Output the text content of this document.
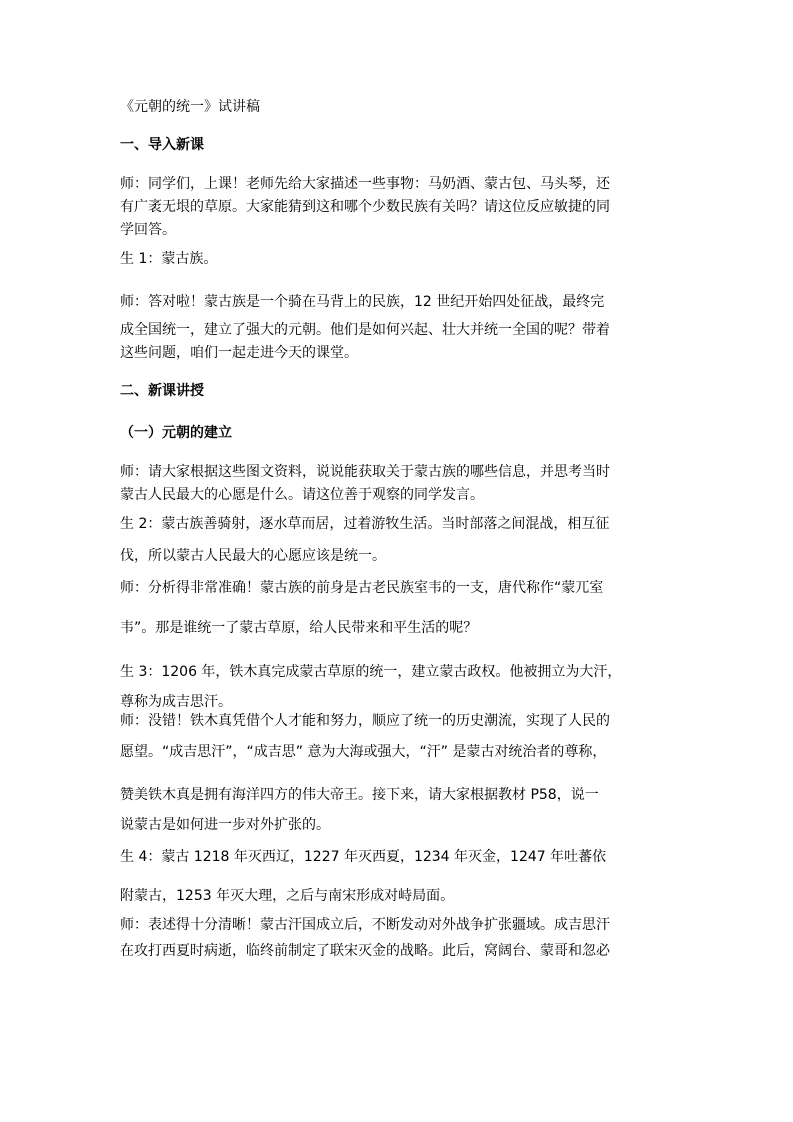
《元朝的统一》试讲稿
一、导入新课
师：同学们，上课！老师先给大家描述一些事物：马奶酒、蒙古包、马头琴，还
有广袤无垠的草原。大家能猜到这和哪个少数民族有关吗？请这位反应敏捷的同
学回答。
生 1：蒙古族。
师：答对啦！蒙古族是一个骑在马背上的民族，12 世纪开始四处征战，最终完
成全国统一，建立了强大的元朝。他们是如何兴起、壮大并统一全国的呢？带着
这些问题，咱们一起走进今天的课堂。
二、新课讲授
（一）元朝的建立
师：请大家根据这些图文资料，说说能获取关于蒙古族的哪些信息，并思考当时
蒙古人民最大的心愿是什么。请这位善于观察的同学发言。
生 2：蒙古族善骑射，逐水草而居，过着游牧生活。当时部落之间混战，相互征
伐，所以蒙古人民最大的心愿应该是统一。
师：分析得非常准确！蒙古族的前身是古老民族室韦的一支，唐代称作“蒙兀室
韦”。那是谁统一了蒙古草原，给人民带来和平生活的呢？
生 3：1206 年，铁木真完成蒙古草原的统一，建立蒙古政权。他被拥立为大汗，
尊称为成吉思汗。
师：没错！铁木真凭借个人才能和努力，顺应了统一的历史潮流，实现了人民的
愿望。“成吉思汗”，“成吉思” 意为大海或强大，“汗” 是蒙古对统治者的尊称，
赞美铁木真是拥有海洋四方的伟大帝王。接下来，请大家根据教材 P58，说一
说蒙古是如何进一步对外扩张的。
生 4：蒙古 1218 年灭西辽，1227 年灭西夏，1234 年灭金，1247 年吐蕃依
附蒙古，1253 年灭大理，之后与南宋形成对峙局面。
师：表述得十分清晰！蒙古汗国成立后，不断发动对外战争扩张疆域。成吉思汗
在攻打西夏时病逝，临终前制定了联宋灭金的战略。此后，窝阔台、蒙哥和忽必
